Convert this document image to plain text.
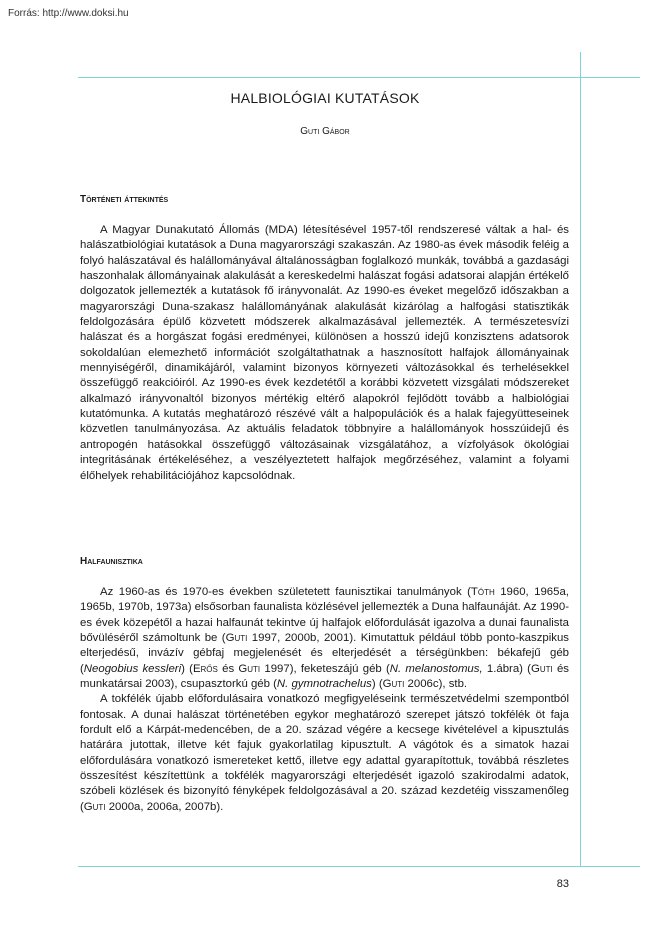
Forrás: http://www.doksi.hu
HALBIOLÓGIAI KUTATÁSOK
Guti Gábor
Történeti áttekintés

A Magyar Dunakutató Állomás (MDA) létesítésével 1957-től rendszeresé váltak a hal- és halászatbiológiai kutatások a Duna magyarországi szakaszán. Az 1980-as évek második feléig a folyó halászatával és halállományával általánosságban foglalkozó munkák, továbbá a gazdasági haszonhalak állományainak alakulását a kereskedelmi halászat fogási adatsorai alapján értékelő dolgozatok jellemezték a kutatások fő irányvonalát. Az 1990-es éveket megelőző időszakban a magyarországi Duna-szakasz halállományának alakulását kizárólag a halfogási statisztikák feldolgozására épülő közvetett módszerek alkalmazásával jellemezték. A természetesvízi halászat és a horgászat fogási eredményei, különösen a hosszú idejű konzisztens adatsorok sokoldalúan elemezhető információt szolgáltathatnak a hasznosított halfajok állományainak mennyiségéről, dinamikájáról, valamint bizonyos környezeti változásokkal és terhelésekkel összefüggő reakcióiról. Az 1990-es évek kezdetétől a korábbi közvetett vizsgálati módszereket alkalmazó irányvonaltól bizonyos mértékig eltérő alapokról fejlődött tovább a halbiológiai kutatómunka. A kutatás meghatározó részévé vált a halpopulációk és a halak fajegyütteseinek közvetlen tanulmányozása. Az aktuális feladatok többnyire a halállományok hosszúidejű és antropogén hatásokkal összefüggő változásainak vizsgálatához, a vízfolyások ökológiai integritásának értékeléséhez, a veszélyeztetett halfajok megőrzéséhez, valamint a folyami élőhelyek rehabilitációjához kapcsolódnak.

Halfaunisztika

Az 1960-as és 1970-es években születetett faunisztikai tanulmányok (Tóth 1960, 1965a, 1965b, 1970b, 1973a) elsősorban faunalista közlésével jellemezték a Duna halfaunáját. Az 1990-es évek közepétől a hazai halfaunát tekintve új halfajok előfordulását igazolva a dunai faunalista bővüléséről számoltunk be (Guti 1997, 2000b, 2001). Kimutattuk például több ponto-kaszpikus elterjedésű, invázív gébfaj megjelenését és elterjedését a térségünkben: békafejű géb (Neogobius kessleri) (Erős és Guti 1997), feketeszájú géb (N. melanostomus, 1.ábra) (Guti és munkatársai 2003), csupasztorkú géb (N. gymnotrachelus) (Guti 2006c), stb.

A tokfélék újabb előfordulásaira vonatkozó megfigyeléseink természetvédelmi szempontból fontosak. A dunai halászat történetében egykor meghatározó szerepet játszó tokfélék öt faja fordult elő a Kárpát-medencében, de a 20. század végére a kecsege kivételével a kipusztulás határára jutottak, illetve két fajuk gyakorlatilag kipusztult. A vágótok és a simatok hazai előfordulására vonatkozó ismereteket kettő, illetve egy adattal gyarapítottuk, továbbá részletes összesítést készítettünk a tokfélék magyarországi elterjedését igazoló szakirodalmi adatok, szóbeli közlések és bizonyító fényképek feldolgozásával a 20. század kezdetéig visszamenőleg (Guti 2000a, 2006a, 2007b).

83
